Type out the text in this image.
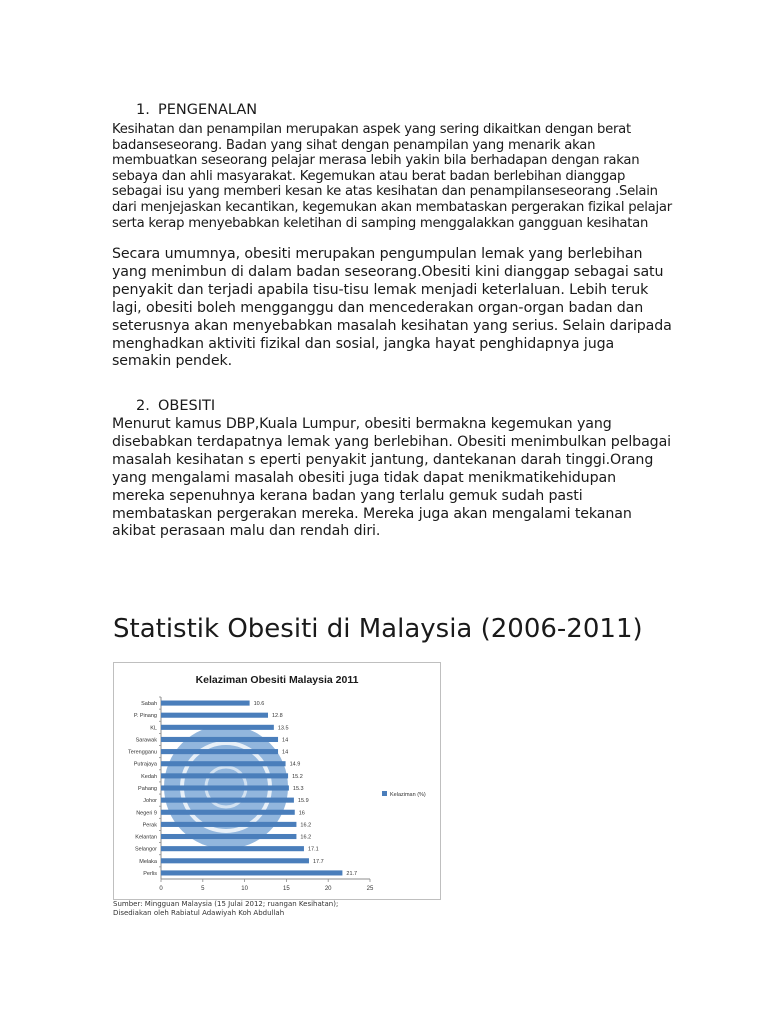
1. PENGENALAN

Kesihatan dan penampilan merupakan aspek yang sering dikaitkan dengan berat badanseseorang. Badan yang sihat dengan penampilan yang menarik akan membuatkan seseorang pelajar merasa lebih yakin bila berhadapan dengan rakan sebaya dan ahli masyarakat. Kegemukan atau berat badan berlebihan dianggap sebagai isu yang memberi kesan ke atas kesihatan dan penampilanseseorang .Selain dari menjejaskan kecantikan, kegemukan akan membataskan pergerakan fizikal pelajar serta kerap menyebabkan keletihan di samping menggalakkan gangguan kesihatan

Secara umumnya, obesiti merupakan pengumpulan lemak yang berlebihan yang menimbun di dalam badan seseorang.Obesiti kini dianggap sebagai satu penyakit dan terjadi apabila tisu-tisu lemak menjadi keterlaluan. Lebih teruk lagi, obesiti boleh mengganggu dan mencederakan organ-organ badan dan seterusnya akan menyebabkan masalah kesihatan yang serius. Selain daripada menghadkan aktiviti fizikal dan sosial, jangka hayat penghidapnya juga semakin pendek.

2. OBESITI

Menurut kamus DBP,Kuala Lumpur, obesiti bermakna kegemukan yang disebabkan terdapatnya lemak yang berlebihan. Obesiti menimbulkan pelbagai masalah kesihatan s eperti penyakit jantung, dantekanan darah tinggi.Orang yang mengalami masalah obesiti juga tidak dapat menikmatikehidupan mereka sepenuhnya kerana badan yang terlalu gemuk sudah pasti membataskan pergerakan mereka. Mereka juga akan mengalami tekanan akibat perasaan malu dan rendah diri.

Statistik Obesiti di Malaysia (2006-2011)
Kelaziman Obesiti Malaysia 2011
Sabah
P. Pinang
KL
Sarawak
Terengganu
Putrajaya
Kedah
Pahang
Johor
Negeri 9
Perak
Kelantan
Selangor
Melaka
Perlis
10.6
12.8
13.5
14
14
14.9
15.2
15.3
15.9
16
16.2
16.2
17.1
17.7
21.7
0	5	10	15	20	25
Kelaziman (%)

Sumber: Mingguan Malaysia (15 Julai 2012; ruangan Kesihatan);

Disediakan oleh Rabiatul Adawiyah Koh Abdullah
